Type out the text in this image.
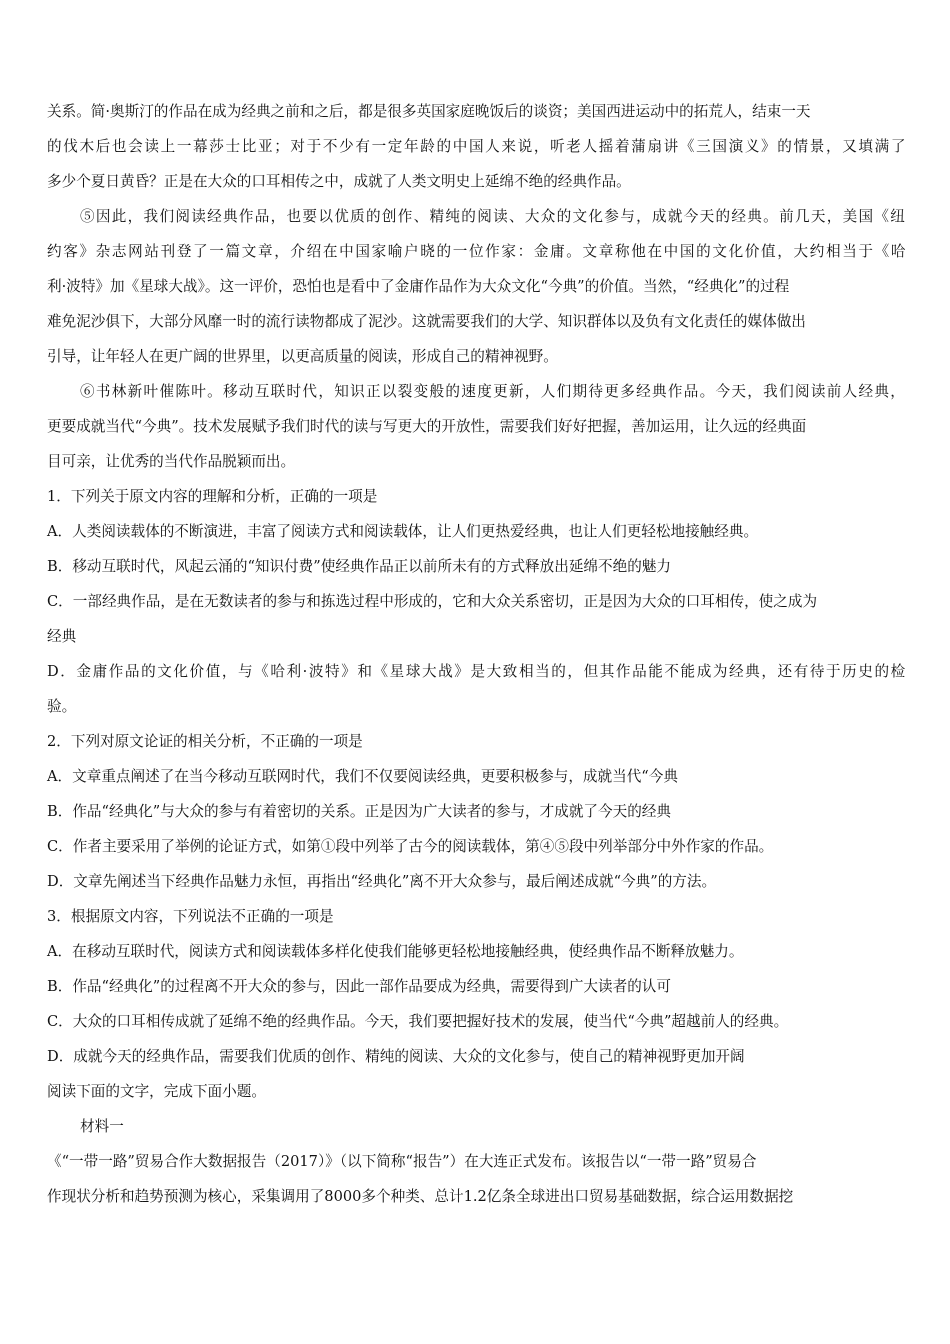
关系。简·奥斯汀的作品在成为经典之前和之后，都是很多英国家庭晚饭后的谈资；美国西进运动中的拓荒人，结束一天
的伐木后也会读上一幕莎士比亚；对于不少有一定年龄的中国人来说，听老人摇着蒲扇讲《三国演义》的情景，又填满了
多少个夏日黄昏？正是在大众的口耳相传之中，成就了人类文明史上延绵不绝的经典作品。
⑤因此，我们阅读经典作品，也要以优质的创作、精纯的阅读、大众的文化参与，成就今天的经典。前几天，美国《纽
约客》杂志网站刊登了一篇文章，介绍在中国家喻户晓的一位作家：金庸。文章称他在中国的文化价值，大约相当于《哈
利·波特》加《星球大战》。这一评价，恐怕也是看中了金庸作品作为大众文化“今典”的价值。当然，“经典化”的过程
难免泥沙俱下，大部分风靡一时的流行读物都成了泥沙。这就需要我们的大学、知识群体以及负有文化责任的媒体做出
引导，让年轻人在更广阔的世界里，以更高质量的阅读，形成自己的精神视野。
⑥书林新叶催陈叶。移动互联时代，知识正以裂变般的速度更新，人们期待更多经典作品。今天，我们阅读前人经典，
更要成就当代“今典”。技术发展赋予我们时代的读与写更大的开放性，需要我们好好把握，善加运用，让久远的经典面
目可亲，让优秀的当代作品脱颖而出。
1．下列关于原文内容的理解和分析，正确的一项是
A．人类阅读载体的不断演进，丰富了阅读方式和阅读载体，让人们更热爱经典，也让人们更轻松地接触经典。
B．移动互联时代，风起云涌的“知识付费”使经典作品正以前所未有的方式释放出延绵不绝的魅力
C．一部经典作品，是在无数读者的参与和拣选过程中形成的，它和大众关系密切，正是因为大众的口耳相传，使之成为
经典
D．金庸作品的文化价值，与《哈利·波特》和《星球大战》是大致相当的，但其作品能不能成为经典，还有待于历史的检
验。
2．下列对原文论证的相关分析，不正确的一项是
A．文章重点阐述了在当今移动互联网时代，我们不仅要阅读经典，更要积极参与，成就当代“今典
B．作品“经典化”与大众的参与有着密切的关系。正是因为广大读者的参与，才成就了今天的经典
C．作者主要采用了举例的论证方式，如第①段中列举了古今的阅读载体，第④⑤段中列举部分中外作家的作品。
D．文章先阐述当下经典作品魅力永恒，再指出“经典化”离不开大众参与，最后阐述成就“今典”的方法。
3．根据原文内容，下列说法不正确的一项是
A．在移动互联时代，阅读方式和阅读载体多样化使我们能够更轻松地接触经典，使经典作品不断释放魅力。
B．作品“经典化”的过程离不开大众的参与，因此一部作品要成为经典，需要得到广大读者的认可
C．大众的口耳相传成就了延绵不绝的经典作品。今天，我们要把握好技术的发展，使当代“今典”超越前人的经典。
D．成就今天的经典作品，需要我们优质的创作、精纯的阅读、大众的文化参与，使自己的精神视野更加开阔
阅读下面的文字，完成下面小题。
材料一
《“一带一路”贸易合作大数据报告（2017）》（以下简称“报告”）在大连正式发布。该报告以“一带一路”贸易合
作现状分析和趋势预测为核心，采集调用了8000多个种类、总计1.2亿条全球进出口贸易基础数据，综合运用数据挖
